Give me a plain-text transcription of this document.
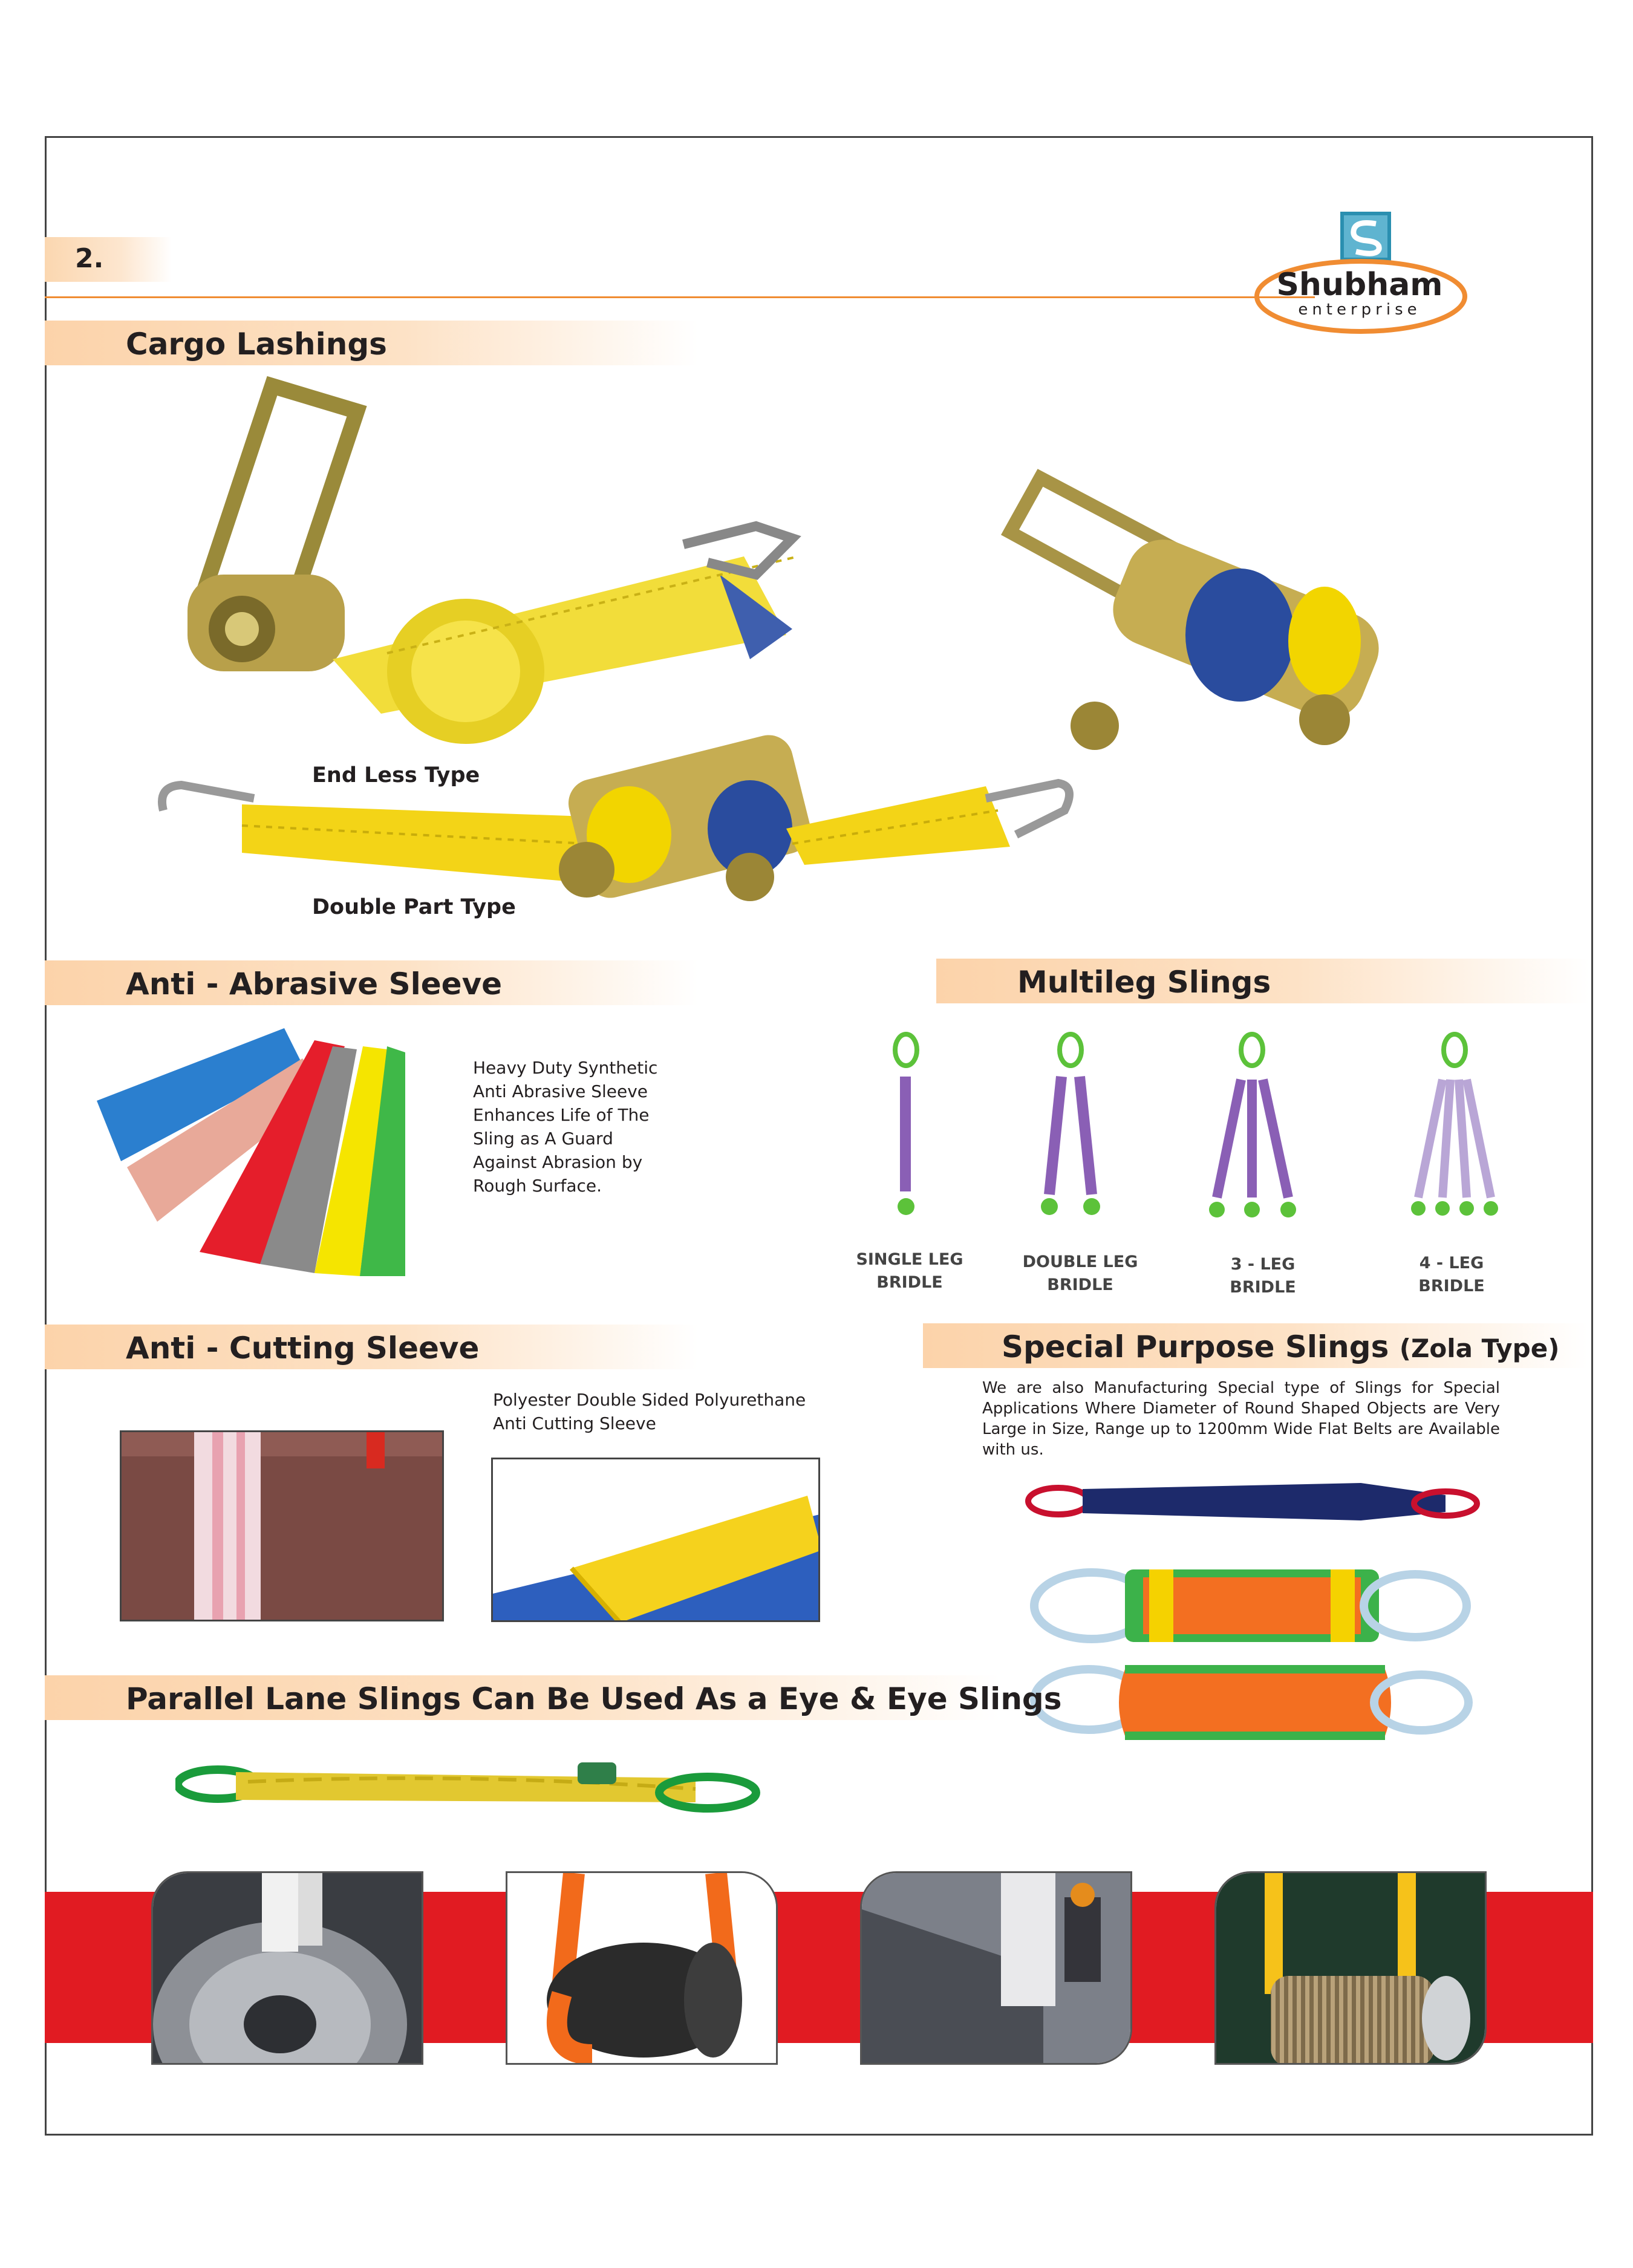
2.
Shubham
enterprise
Cargo Lashings
End Less Type
Double Part Type
Anti - Abrasive Sleeve
Heavy Duty Synthetic
Anti Abrasive Sleeve
Enhances Life of The
Sling as A Guard
Against Abrasion by
Rough Surface.
Multileg Slings
SINGLE LEG
BRIDLE
DOUBLE LEG
BRIDLE
3 - LEG
BRIDLE
4 - LEG
BRIDLE
Anti - Cutting Sleeve
Polyester Double Sided Polyurethane
Anti Cutting Sleeve
Special Purpose Slings (Zola Type)
We are also Manufacturing Special type of Slings for Special Applications Where Diameter of Round Shaped Objects are Very Large in Size, Range up to 1200mm Wide Flat Belts are Available with us.
Parallel Lane Slings Can Be Used As a Eye & Eye Slings
